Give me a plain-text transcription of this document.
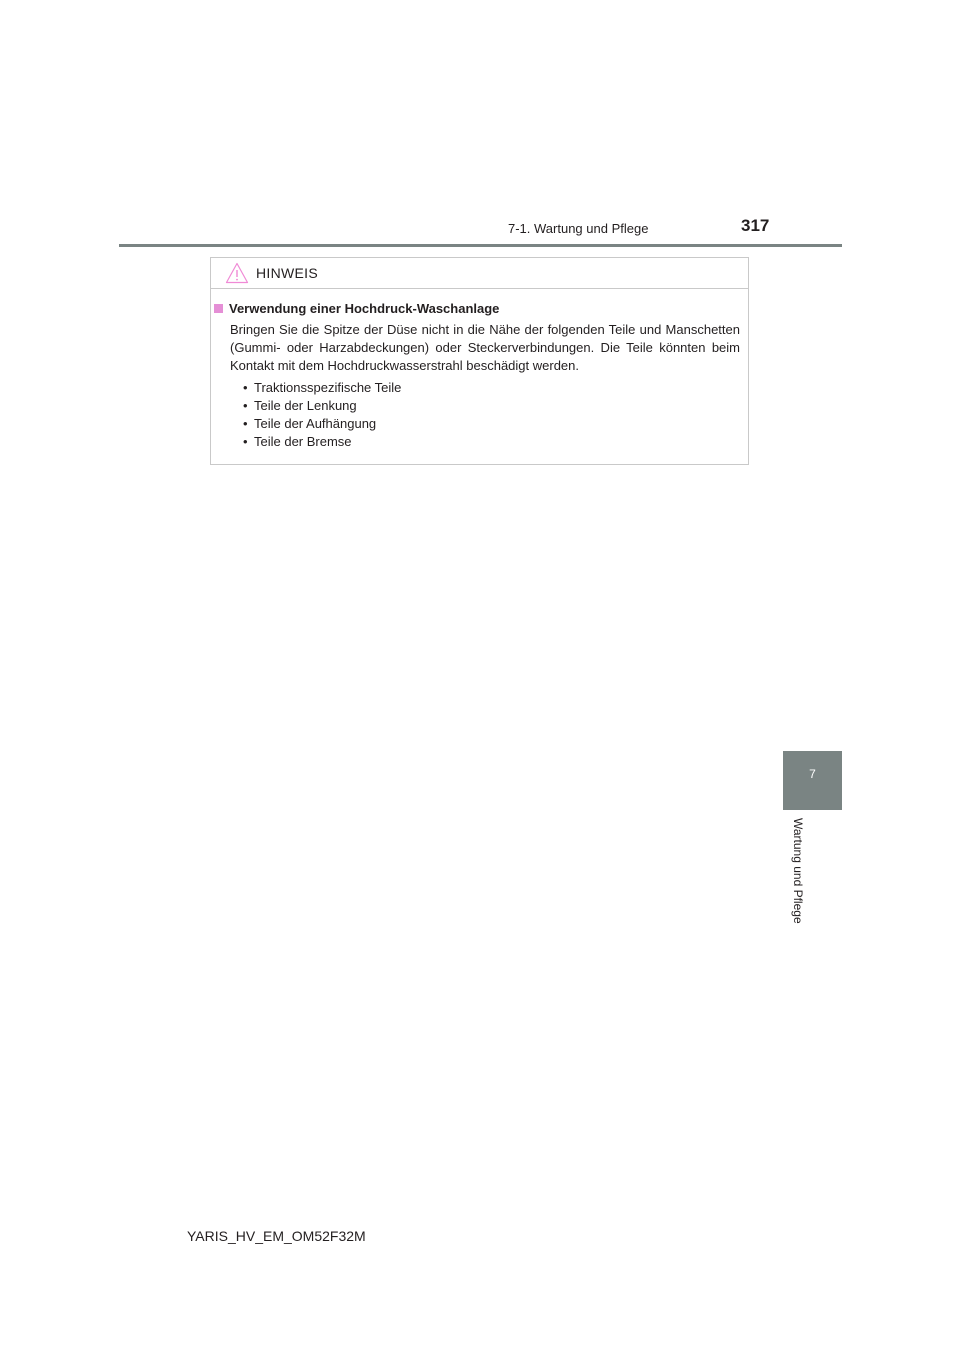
7-1. Wartung und Pflege	317
HINWEIS
Verwendung einer Hochdruck-Waschanlage
Bringen Sie die Spitze der Düse nicht in die Nähe der folgenden Teile und Manschetten (Gummi- oder Harzabdeckungen) oder Steckerverbindungen. Die Teile könnten beim Kontakt mit dem Hochdruckwasserstrahl beschädigt werden.
• Traktionsspezifische Teile
• Teile der Lenkung
• Teile der Aufhängung
• Teile der Bremse
7
Wartung und Pflege
YARIS_HV_EM_OM52F32M
